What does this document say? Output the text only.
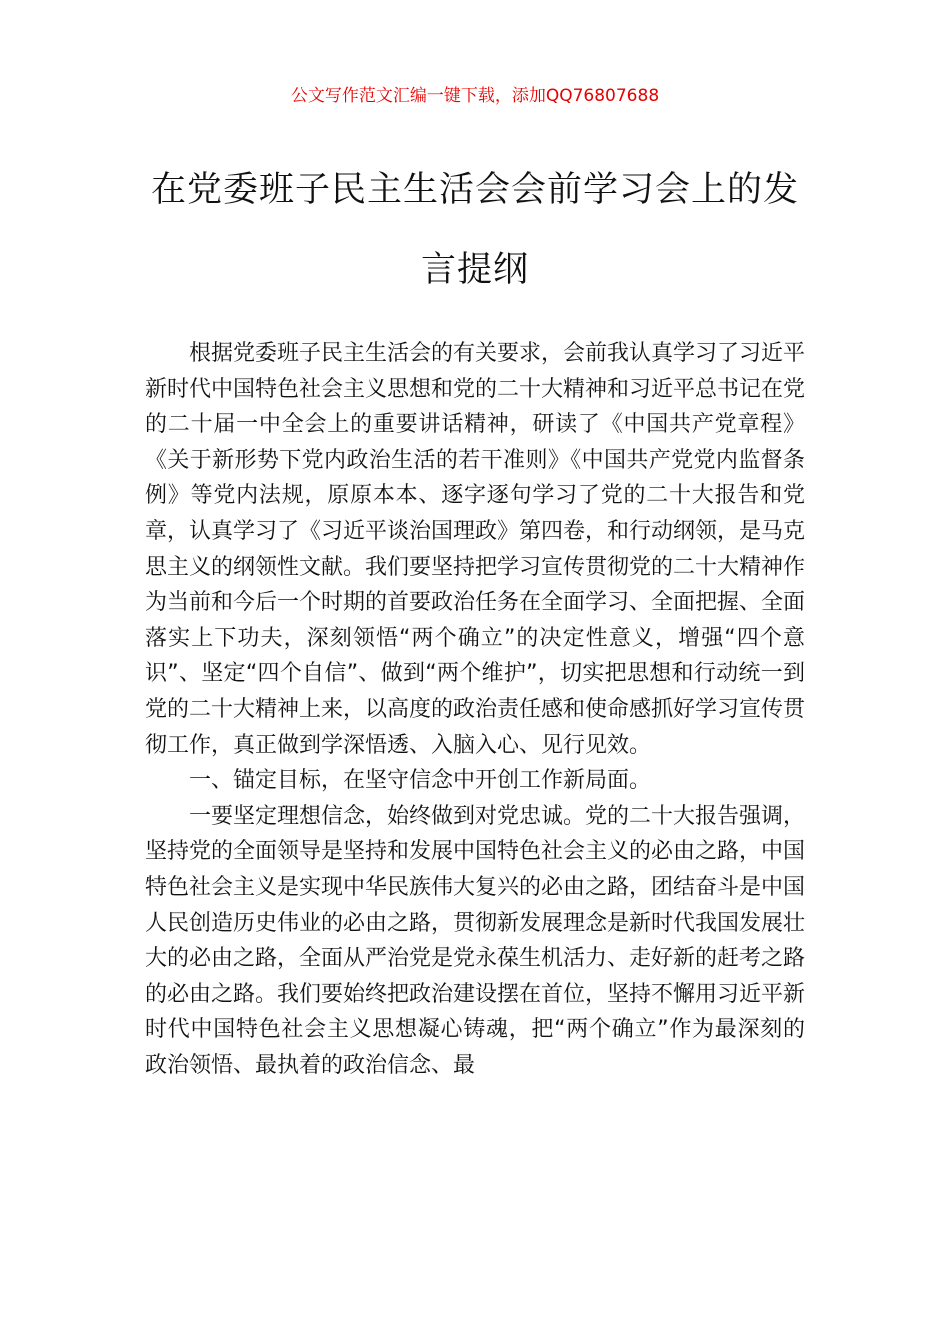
公文写作范文汇编一键下载，添加QQ76807688
在党委班子民主生活会会前学习会上的发言提纲

根据党委班子民主生活会的有关要求，会前我认真学习了习近平新时代中国特色社会主义思想和党的二十大精神和习近平总书记在党的二十届一中全会上的重要讲话精神，研读了《中国共产党章程》《关于新形势下党内政治生活的若干准则》《中国共产党党内监督条例》等党内法规，原原本本、逐字逐句学习了党的二十大报告和党章，认真学习了《习近平谈治国理政》第四卷，和行动纲领，是马克思主义的纲领性文献。我们要坚持把学习宣传贯彻党的二十大精神作为当前和今后一个时期的首要政治任务在全面学习、全面把握、全面落实上下功夫，深刻领悟“两个确立”的决定性意义，增强“四个意识”、坚定“四个自信”、做到“两个维护”，切实把思想和行动统一到党的二十大精神上来，以高度的政治责任感和使命感抓好学习宣传贯彻工作，真正做到学深悟透、入脑入心、见行见效。

一、锚定目标，在坚守信念中开创工作新局面。

一要坚定理想信念，始终做到对党忠诚。党的二十大报告强调，坚持党的全面领导是坚持和发展中国特色社会主义的必由之路，中国特色社会主义是实现中华民族伟大复兴的必由之路，团结奋斗是中国人民创造历史伟业的必由之路，贯彻新发展理念是新时代我国发展壮大的必由之路，全面从严治党是党永葆生机活力、走好新的赶考之路的必由之路。我们要始终把政治建设摆在首位，坚持不懈用习近平新时代中国特色社会主义思想凝心铸魂，把“两个确立”作为最深刻的政治领悟、最执着的政治信念、最
